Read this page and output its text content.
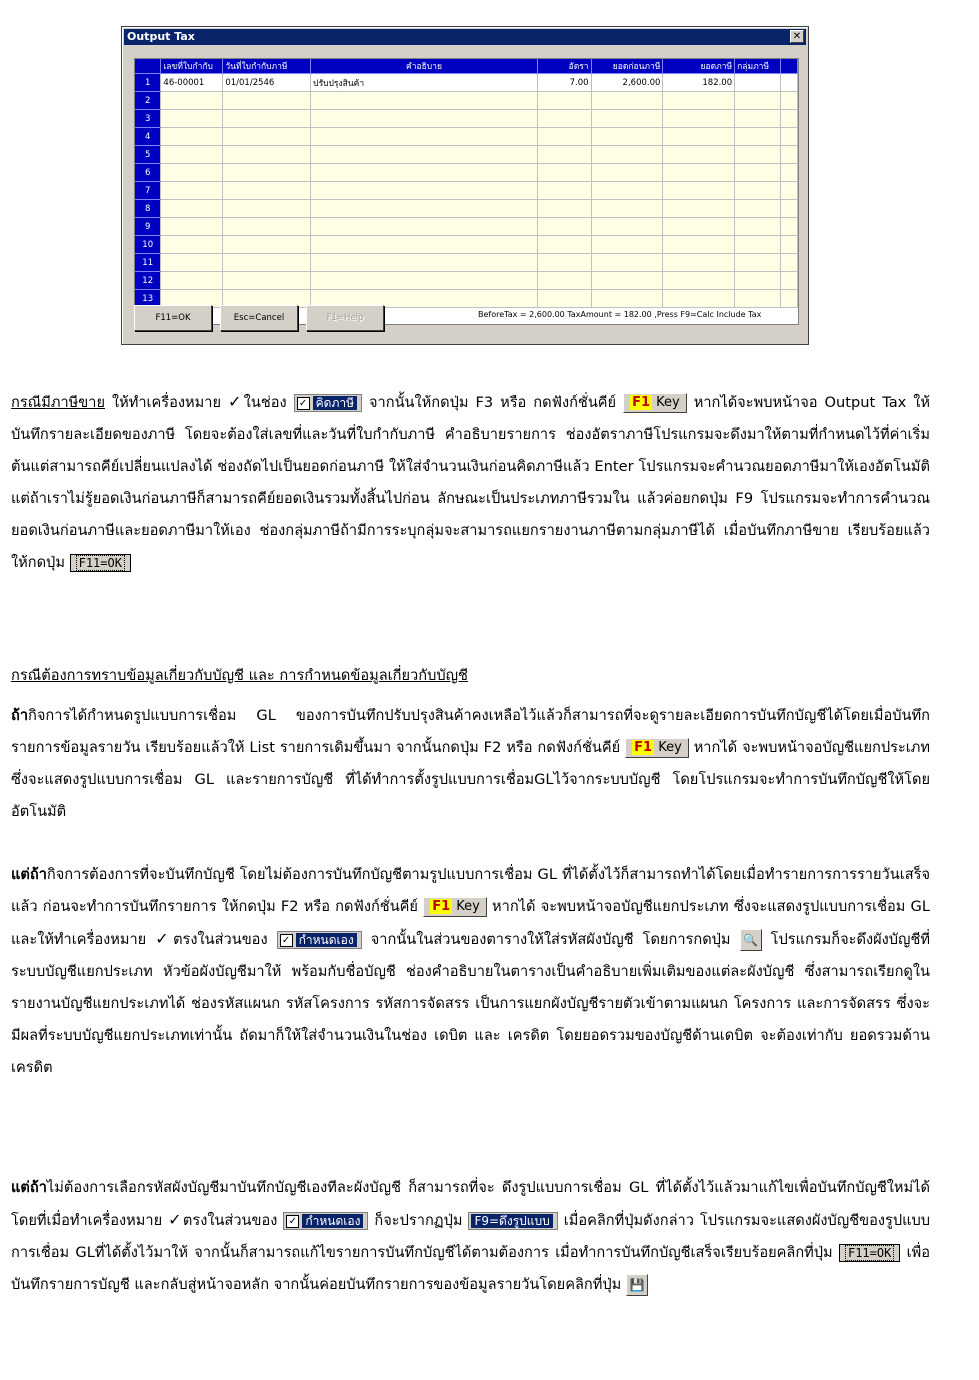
Output Tax	✕
	เลขที่ใบกำกับ	วันที่ใบกำกับภาษี	คำอธิบาย	อัตรา	ยอดก่อนภาษี	ยอดภาษี	กลุ่มภาษี	
1	46-00001	01/01/2546	ปรับปรุงสินค้า	7.00	2,600.00	182.00		
2								
3								
4								
5								
6								
7								
8								
9								
10								
11								
12								
13								
F11=OK	Esc=Cancel	F1=Help	BeforeTax = 2,600.00 TaxAmount = 182.00 ,Press F9=Calc Include Tax
กรณีมีภาษีขาย ให้ทำเครื่องหมาย ✓ในช่อง ✓ คิดภาษี จากนั้นให้กดปุ่ม F3 หรือ กดฟังก์ชั่นคีย์ F1 Key หากได้จะพบหน้าจอ Output Tax ให้บันทึกรายละเอียดของภาษี โดยจะต้องใส่เลขที่และวันที่ใบกำกับภาษี คำอธิบายรายการ ช่องอัตราภาษีโปรแกรมจะดึงมาให้ตามที่กำหนดไว้ที่ค่าเริ่มต้นแต่สามารถคีย์เปลี่ยนแปลงได้ ช่องถัดไปเป็นยอดก่อนภาษี ให้ใส่จำนวนเงินก่อนคิดภาษีแล้ว Enter โปรแกรมจะคำนวณยอดภาษีมาให้เองอัตโนมัติ แต่ถ้าเราไม่รู้ยอดเงินก่อนภาษีก็สามารถคีย์ยอดเงินรวมทั้งสิ้นไปก่อน ลักษณะเป็นประเภทภาษีรวมใน แล้วค่อยกดปุ่ม F9 โปรแกรมจะทำการคำนวณยอดเงินก่อนภาษีและยอดภาษีมาให้เอง ช่องกลุ่มภาษีถ้ามีการระบุกลุ่มจะสามารถแยกรายงานภาษีตามกลุ่มภาษีได้ เมื่อบันทึกภาษีขาย เรียบร้อยแล้วให้กดปุ่ม F11=OK
กรณีต้องการทราบข้อมูลเกี่ยวกับบัญชี และ การกำหนดข้อมูลเกี่ยวกับบัญชี
ถ้ากิจการได้กำหนดรูปแบบการเชื่อม GL ของการบันทึกปรับปรุงสินค้าคงเหลือไว้แล้วก็สามารถที่จะดูรายละเอียดการบันทึกบัญชีได้โดยเมื่อบันทึกรายการข้อมูลรายวัน เรียบร้อยแล้วให้ List รายการเดิมขึ้นมา จากนั้นกดปุ่ม F2 หรือ กดฟังก์ชั่นคีย์ F1 Key หากได้ จะพบหน้าจอบัญชีแยกประเภท ซึ่งจะแสดงรูปแบบการเชื่อม GL และรายการบัญชี ที่ได้ทำการตั้งรูปแบบการเชื่อมGLไว้จากระบบบัญชี โดยโปรแกรมจะทำการบันทึกบัญชีให้โดยอัตโนมัติ
แต่ถ้ากิจการต้องการที่จะบันทึกบัญชี โดยไม่ต้องการบันทึกบัญชีตามรูปแบบการเชื่อม GL ที่ได้ตั้งไว้ก็สามารถทำได้โดยเมื่อทำรายการการรายวันเสร็จแล้ว ก่อนจะทำการบันทึกรายการ ให้กดปุ่ม F2 หรือ กดฟังก์ชั่นคีย์ F1 Key หากได้ จะพบหน้าจอบัญชีแยกประเภท ซึ่งจะแสดงรูปแบบการเชื่อม GL และให้ทำเครื่องหมาย ✓ตรงในส่วนของ ✓ กำหนดเอง จากนั้นในส่วนของตารางให้ใส่รหัสผังบัญชี โดยการกดปุ่ม 🔍 โปรแกรมก็จะดึงผังบัญชีที่ระบบบัญชีแยกประเภท หัวข้อผังบัญชีมาให้ พร้อมกับชื่อบัญชี ช่องคำอธิบายในตารางเป็นคำอธิบายเพิ่มเติมของแต่ละผังบัญชี ซึ่งสามารถเรียกดูในรายงานบัญชีแยกประเภทได้ ช่องรหัสแผนก รหัสโครงการ รหัสการจัดสรร เป็นการแยกผังบัญชีรายตัวเข้าตามแผนก โครงการ และการจัดสรร ซึ่งจะมีผลที่ระบบบัญชีแยกประเภทเท่านั้น ถัดมาก็ให้ใส่จำนวนเงินในช่อง เดบิต และ เครดิต โดยยอดรวมของบัญชีด้านเดบิต จะต้องเท่ากับ ยอดรวมด้านเครดิต
แต่ถ้าไม่ต้องการเลือกรหัสผังบัญชีมาบันทึกบัญชีเองทีละผังบัญชี ก็สามารถที่จะ ดึงรูปแบบการเชื่อม GL ที่ได้ตั้งไว้แล้วมาแก้ไขเพื่อบันทึกบัญชีใหม่ได้ โดยที่เมื่อทำเครื่องหมาย ✓ตรงในส่วนของ ✓ กำหนดเอง ก็จะปรากฏปุ่ม F9=ดึงรูปแบบ เมื่อคลิกที่ปุ่มดังกล่าว โปรแกรมจะแสดงผังบัญชีของรูปแบบการเชื่อม GLที่ได้ตั้งไว้มาให้ จากนั้นก็สามารถแก้ไขรายการบันทึกบัญชีได้ตามต้องการ เมื่อทำการบันทึกบัญชีเสร็จเรียบร้อยคลิกที่ปุ่ม F11=OK เพื่อบันทึกรายการบัญชี และกลับสู่หน้าจอหลัก จากนั้นค่อยบันทึกรายการของข้อมูลรายวันโดยคลิกที่ปุ่ม 💾
